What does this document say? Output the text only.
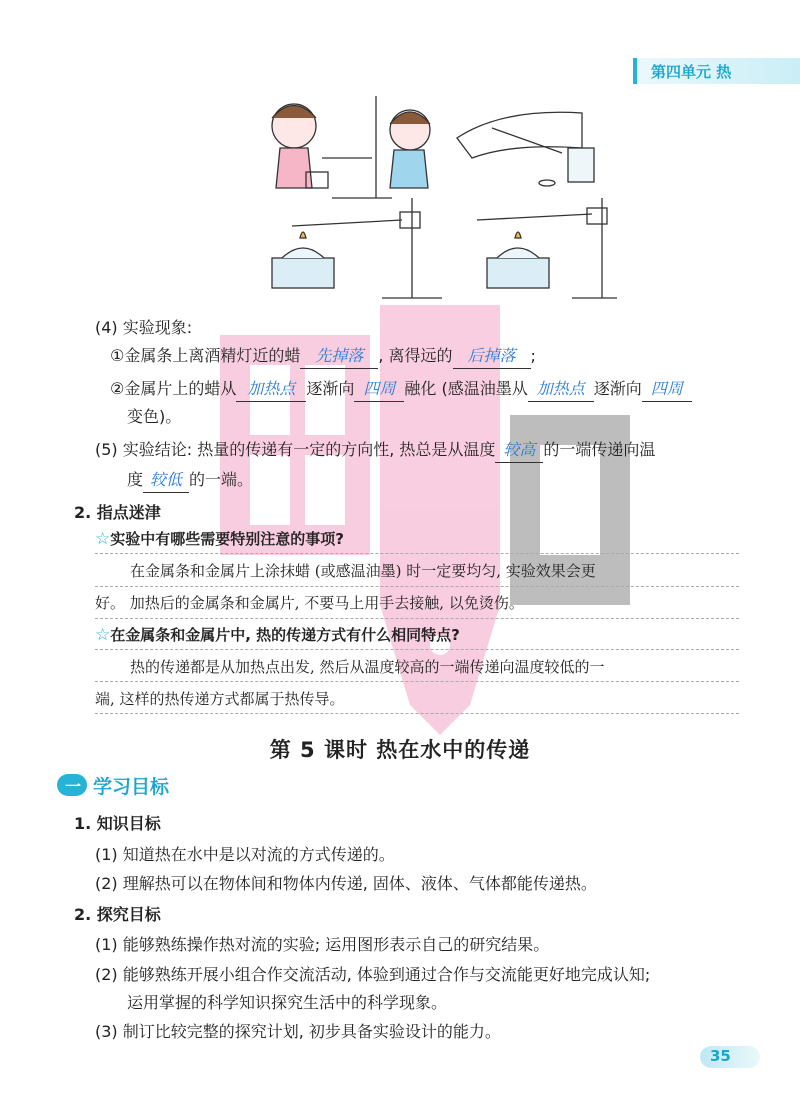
第四单元 热
(4) 实验现象:
①金属条上离酒精灯近的蜡 先掉落 , 离得远的 后掉落 ;
②金属片上的蜡从 加热点 逐渐向 四周 融化 (感温油墨从 加热点 逐渐向 四周
变色)。
(5) 实验结论: 热量的传递有一定的方向性, 热总是从温度 较高 的一端传递向温
度 较低 的一端。
2. 指点迷津
☆实验中有哪些需要特别注意的事项?
在金属条和金属片上涂抹蜡 (或感温油墨) 时一定要均匀, 实验效果会更
好。 加热后的金属条和金属片, 不要马上用手去接触, 以免烫伤。
☆在金属条和金属片中, 热的传递方式有什么相同特点?
热的传递都是从加热点出发, 然后从温度较高的一端传递向温度较低的一
端, 这样的热传递方式都属于热传导。
第 5 课时 热在水中的传递
一 学习目标
1. 知识目标
(1) 知道热在水中是以对流的方式传递的。
(2) 理解热可以在物体间和物体内传递, 固体、液体、气体都能传递热。
2. 探究目标
(1) 能够熟练操作热对流的实验; 运用图形表示自己的研究结果。
(2) 能够熟练开展小组合作交流活动, 体验到通过合作与交流能更好地完成认知;
运用掌握的科学知识探究生活中的科学现象。
(3) 制订比较完整的探究计划, 初步具备实验设计的能力。
35
